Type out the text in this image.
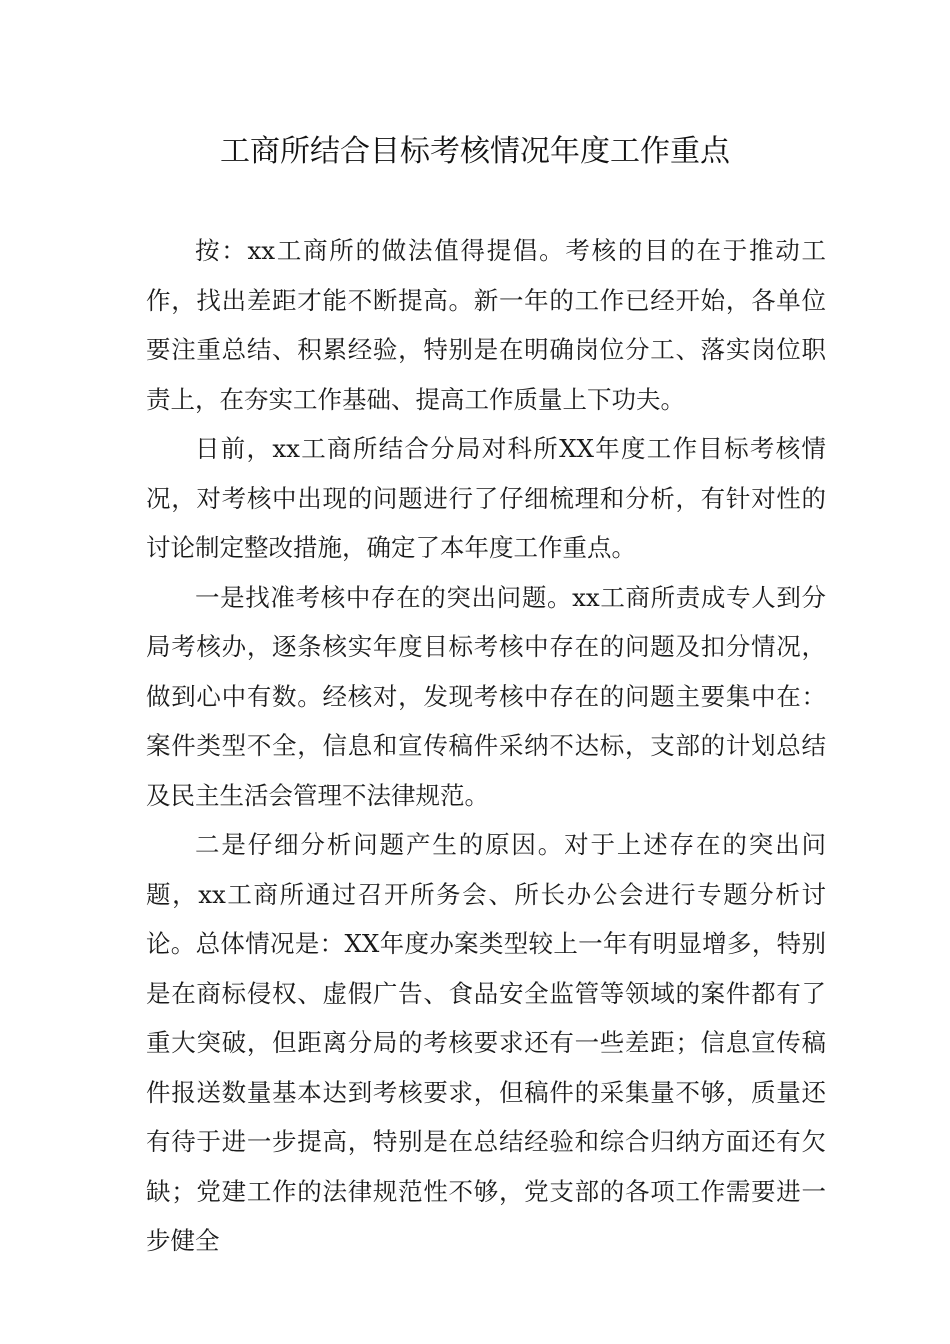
工商所结合目标考核情况年度工作重点

按：xx工商所的做法值得提倡。考核的目的在于推动工作，找出差距才能不断提高。新一年的工作已经开始，各单位要注重总结、积累经验，特别是在明确岗位分工、落实岗位职责上，在夯实工作基础、提高工作质量上下功夫。

日前，xx工商所结合分局对科所XX年度工作目标考核情况，对考核中出现的问题进行了仔细梳理和分析，有针对性的讨论制定整改措施，确定了本年度工作重点。

一是找准考核中存在的突出问题。xx工商所责成专人到分局考核办，逐条核实年度目标考核中存在的问题及扣分情况，做到心中有数。经核对，发现考核中存在的问题主要集中在：案件类型不全，信息和宣传稿件采纳不达标，支部的计划总结及民主生活会管理不法律规范。

二是仔细分析问题产生的原因。对于上述存在的突出问题，xx工商所通过召开所务会、所长办公会进行专题分析讨论。总体情况是：XX年度办案类型较上一年有明显增多，特别是在商标侵权、虚假广告、食品安全监管等领域的案件都有了重大突破，但距离分局的考核要求还有一些差距；信息宣传稿件报送数量基本达到考核要求，但稿件的采集量不够，质量还有待于进一步提高，特别是在总结经验和综合归纳方面还有欠缺；党建工作的法律规范性不够，党支部的各项工作需要进一步健全
